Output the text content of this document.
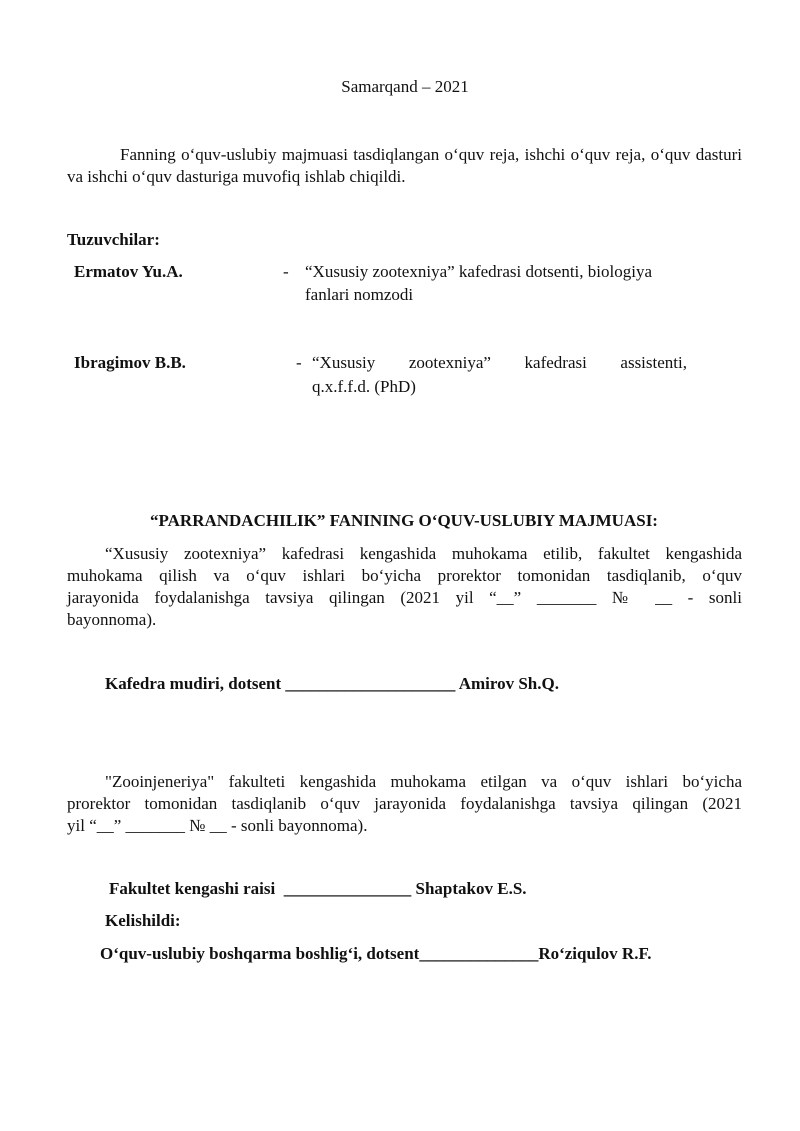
Samarqand – 2021
Fanning o‘quv-uslubiy majmuasi tasdiqlangan o‘quv reja, ishchi o‘quv reja, o‘quv dasturi va ishchi o‘quv dasturiga muvofiq ishlab chiqildi.
Tuzuvchilar:
Ermatov Yu.A.	- “Xususiy zootexniya” kafedrasi dotsenti, biologiya
fanlari nomzodi
Ibragimov B.B.	- “Xususiy zootexniya” kafedrasi assistenti,
q.x.f.f.d. (PhD)
“PARRANDACHILIK” FANINING O‘QUV-USLUBIY MAJMUASI:
“Xususiy zootexniya” kafedrasi kengashida muhokama etilib, fakultet kengashida
muhokama qilish va o‘quv ishlari bo‘yicha prorektor tomonidan tasdiqlanib, o‘quv
jarayonida foydalanishga tavsiya qilingan (2021 yil “__” _______ № __ - sonli
bayonnoma).
Kafedra mudiri, dotsent ____________________ Amirov Sh.Q.
"Zooinjeneriya" fakulteti kengashida muhokama etilgan va o‘quv ishlari bo‘yicha
prorektor tomonidan tasdiqlanib o‘quv jarayonida foydalanishga tavsiya qilingan (2021
yil “__” _______ № __ - sonli bayonnoma).
Fakultet kengashi raisi _______________ Shaptakov E.S.
Kelishildi:
O‘quv-uslubiy boshqarma boshlig‘i, dotsent______________Ro‘ziqulov R.F.
